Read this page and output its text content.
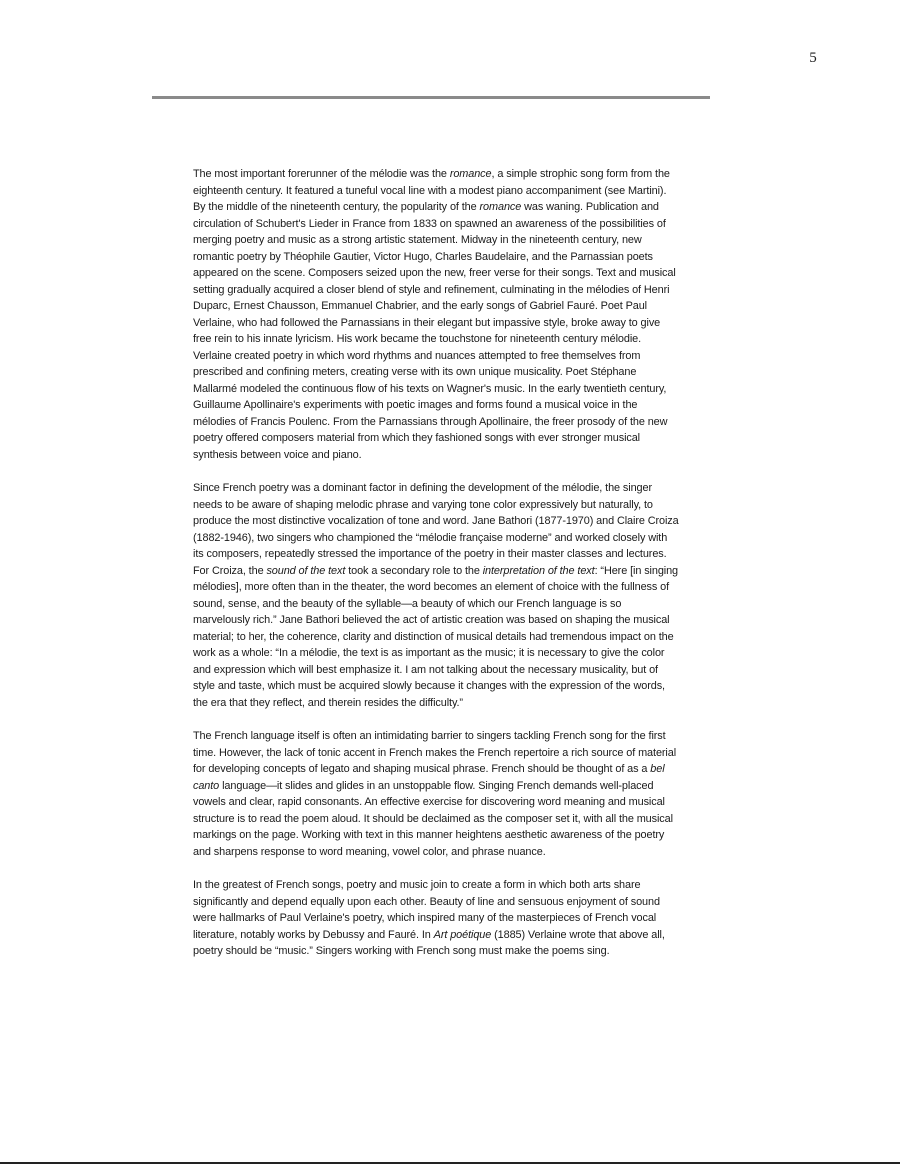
5

The most important forerunner of the mélodie was the romance, a simple strophic song form from the eighteenth century. It featured a tuneful vocal line with a modest piano accompaniment (see Martini). By the middle of the nineteenth century, the popularity of the romance was waning. Publication and circulation of Schubert's Lieder in France from 1833 on spawned an awareness of the possibilities of merging poetry and music as a strong artistic statement. Midway in the nineteenth century, new romantic poetry by Théophile Gautier, Victor Hugo, Charles Baudelaire, and the Parnassian poets appeared on the scene. Composers seized upon the new, freer verse for their songs. Text and musical setting gradually acquired a closer blend of style and refinement, culminating in the mélodies of Henri Duparc, Ernest Chausson, Emmanuel Chabrier, and the early songs of Gabriel Fauré. Poet Paul Verlaine, who had followed the Parnassians in their elegant but impassive style, broke away to give free rein to his innate lyricism. His work became the touchstone for nineteenth century mélodie. Verlaine created poetry in which word rhythms and nuances attempted to free themselves from prescribed and confining meters, creating verse with its own unique musicality. Poet Stéphane Mallarmé modeled the continuous flow of his texts on Wagner's music. In the early twentieth century, Guillaume Apollinaire's experiments with poetic images and forms found a musical voice in the mélodies of Francis Poulenc. From the Parnassians through Apollinaire, the freer prosody of the new poetry offered composers material from which they fashioned songs with ever stronger musical synthesis between voice and piano.

Since French poetry was a dominant factor in defining the development of the mélodie, the singer needs to be aware of shaping melodic phrase and varying tone color expressively but naturally, to produce the most distinctive vocalization of tone and word. Jane Bathori (1877-1970) and Claire Croiza (1882-1946), two singers who championed the “mélodie française moderne” and worked closely with its composers, repeatedly stressed the importance of the poetry in their master classes and lectures. For Croiza, the sound of the text took a secondary role to the interpretation of the text: “Here [in singing mélodies], more often than in the theater, the word becomes an element of choice with the fullness of sound, sense, and the beauty of the syllable—a beauty of which our French language is so marvelously rich.” Jane Bathori believed the act of artistic creation was based on shaping the musical material; to her, the coherence, clarity and distinction of musical details had tremendous impact on the work as a whole: “In a mélodie, the text is as important as the music; it is necessary to give the color and expression which will best emphasize it. I am not talking about the necessary musicality, but of style and taste, which must be acquired slowly because it changes with the expression of the words, the era that they reflect, and therein resides the difficulty.”

The French language itself is often an intimidating barrier to singers tackling French song for the first time. However, the lack of tonic accent in French makes the French repertoire a rich source of material for developing concepts of legato and shaping musical phrase. French should be thought of as a bel canto language—it slides and glides in an unstoppable flow. Singing French demands well-placed vowels and clear, rapid consonants. An effective exercise for discovering word meaning and musical structure is to read the poem aloud. It should be declaimed as the composer set it, with all the musical markings on the page. Working with text in this manner heightens aesthetic awareness of the poetry and sharpens response to word meaning, vowel color, and phrase nuance.

In the greatest of French songs, poetry and music join to create a form in which both arts share significantly and depend equally upon each other. Beauty of line and sensuous enjoyment of sound were hallmarks of Paul Verlaine's poetry, which inspired many of the masterpieces of French vocal literature, notably works by Debussy and Fauré. In Art poétique (1885) Verlaine wrote that above all, poetry should be “music.” Singers working with French song must make the poems sing.
